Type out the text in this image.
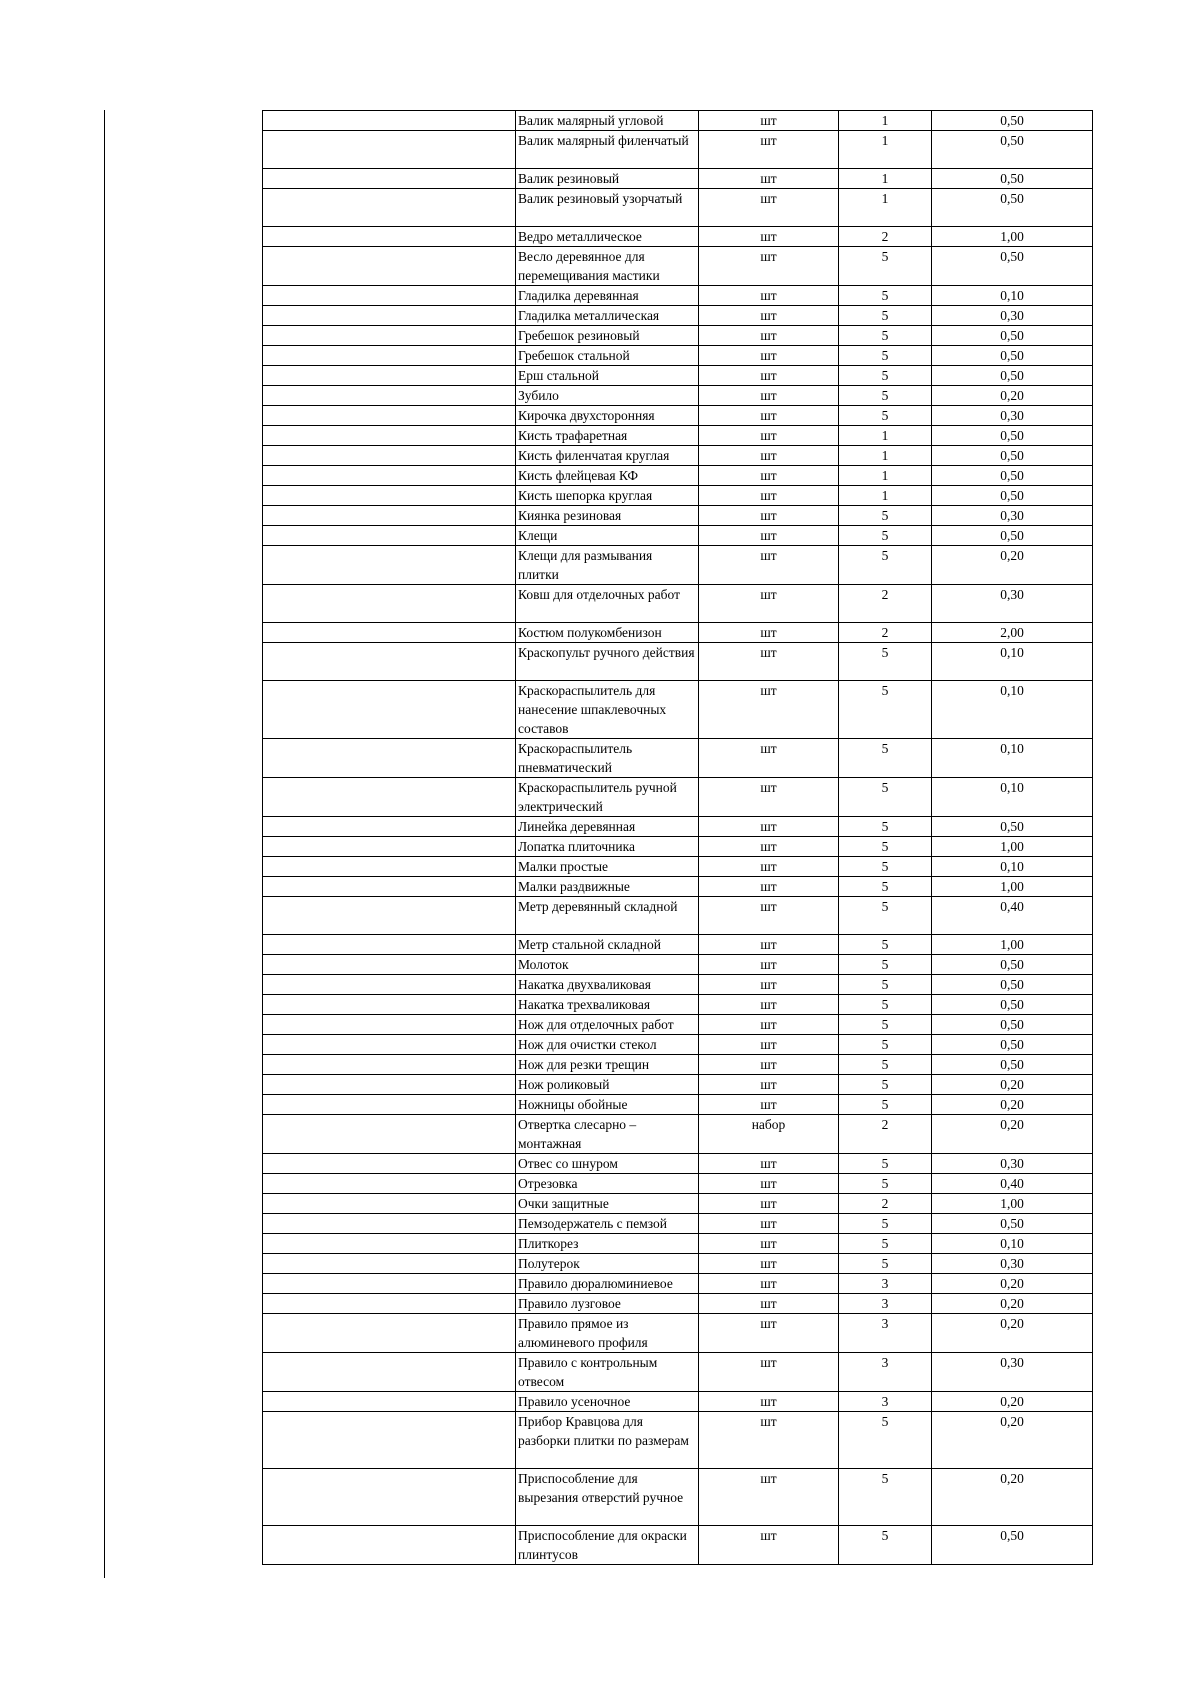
	Валик малярный угловой	шт	1	0,50
	Валик малярный филенчатый	шт	1	0,50
	Валик резиновый	шт	1	0,50
	Валик резиновый узорчатый	шт	1	0,50
	Ведро металлическое	шт	2	1,00
	Весло деревянное для перемещивания мастики	шт	5	0,50
	Гладилка деревянная	шт	5	0,10
	Гладилка металлическая	шт	5	0,30
	Гребешок резиновый	шт	5	0,50
	Гребешок стальной	шт	5	0,50
	Ерш стальной	шт	5	0,50
	Зубило	шт	5	0,20
	Кирочка двухсторонняя	шт	5	0,30
	Кисть трафаретная	шт	1	0,50
	Кисть филенчатая круглая	шт	1	0,50
	Кисть флейцевая КФ	шт	1	0,50
	Кисть шепорка круглая	шт	1	0,50
	Киянка резиновая	шт	5	0,30
	Клещи	шт	5	0,50
	Клещи для размывания плитки	шт	5	0,20
	Ковш для отделочных работ	шт	2	0,30
	Костюм полукомбенизон	шт	2	2,00
	Краскопульт ручного действия	шт	5	0,10
	Краскораспылитель для нанесение шпаклевочных составов	шт	5	0,10
	Краскораспылитель пневматический	шт	5	0,10
	Краскораспылитель ручной электрический	шт	5	0,10
	Линейка деревянная	шт	5	0,50
	Лопатка плиточника	шт	5	1,00
	Малки простые	шт	5	0,10
	Малки раздвижные	шт	5	1,00
	Метр деревянный складной	шт	5	0,40
	Метр стальной складной	шт	5	1,00
	Молоток	шт	5	0,50
	Накатка двухваликовая	шт	5	0,50
	Накатка трехваликовая	шт	5	0,50
	Нож для отделочных работ	шт	5	0,50
	Нож для очистки стекол	шт	5	0,50
	Нож для резки трещин	шт	5	0,50
	Нож роликовый	шт	5	0,20
	Ножницы обойные	шт	5	0,20
	Отвертка слесарно – монтажная	набор	2	0,20
	Отвес со шнуром	шт	5	0,30
	Отрезовка	шт	5	0,40
	Очки защитные	шт	2	1,00
	Пемзодержатель с пемзой	шт	5	0,50
	Плиткорез	шт	5	0,10
	Полутерок	шт	5	0,30
	Правило дюралюминиевое	шт	3	0,20
	Правило лузговое	шт	3	0,20
	Правило прямое из алюминевого профиля	шт	3	0,20
	Правило с контрольным отвесом	шт	3	0,30
	Правило усеночное	шт	3	0,20
	Прибор Кравцова для разборки плитки по размерам	шт	5	0,20
	Приспособление для вырезания отверстий ручное	шт	5	0,20
	Приспособление для окраски плинтусов	шт	5	0,50
